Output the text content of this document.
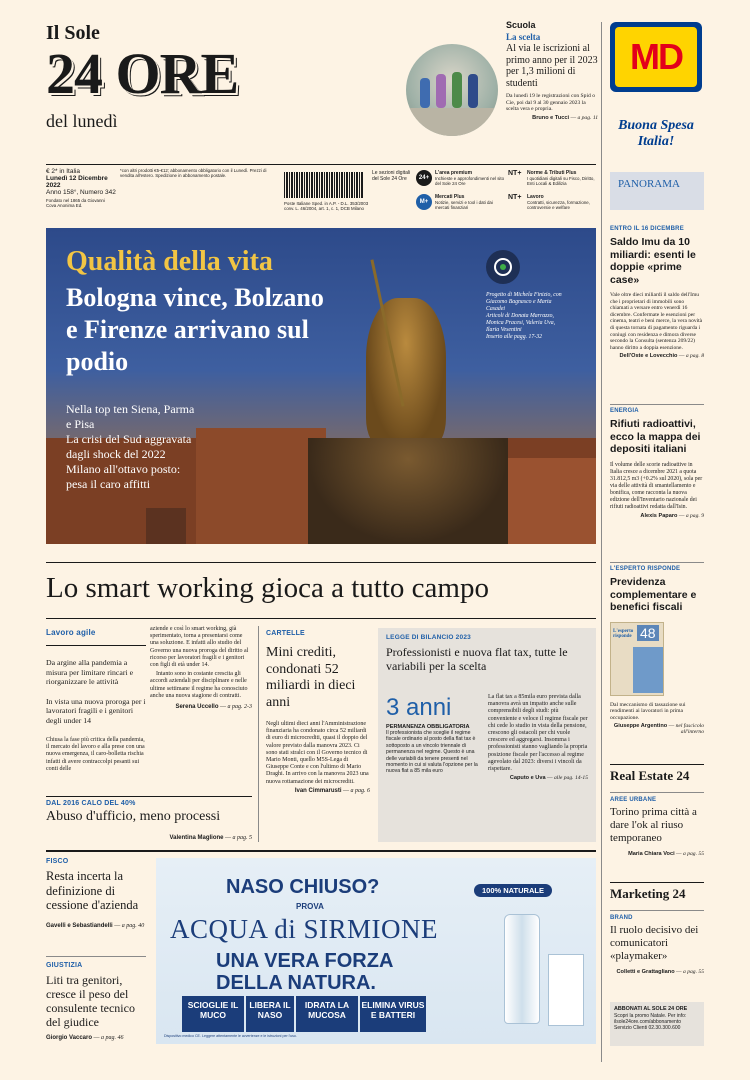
Il Sole
24 ORE
del lunedì
Scuola
La scelta
Al via le iscrizioni al primo anno per il 2023 per 1,3 milioni di studenti
Da lunedì 19 le registrazioni con Spid o Cie, poi dal 9 al 30 gennaio 2023 la scelta vera e propria.
Bruno e Tucci — a pag. 11
MD
Buona Spesa
Italia!
€ 2* in Italia
Lunedì 12 Dicembre 2022
Anno 158°, Numero 342
Fondato nel 1865 da Giovanni Cova Anonima Ed.
*con altri prodotti €5-€12; abbonamento obbligatorio con il Lunedì. Prezzi di vendita all'estero. Spedizione in abbonamento postale.	Le sezioni digitali del Sole 24 Ore
Poste Italiane Sped. in A.P. - D.L. 353/2003 conv. L. 46/2004, art. 1, c. 1, DCB Milano
24+
L'area premium
Inchieste e approfondimenti nel sito del Sole 24 Ore
M+
Mercati Plus
Notizie, servizi e tool i dati dai mercati finanziari
NT+	Norme & Tributi Plus
I quotidiani digitali su Fisco, Diritto, Enti Locali & Edilizia
NT+	Lavoro
Contratti, sicurezza, formazione, controversie e welfare
Qualità della vita
Bologna vince, Bolzano e Firenze arrivano sul podio
Nella top ten Siena, Parma e Pisa
La crisi del Sud aggravata dagli shock del 2022
Milano all'ottavo posto: pesa il caro affitti
Progetto di Michela Finizio, con Giacomo Bagnasco e Marta Casadei
Articoli di Donata Marrazzo, Monica Pracesi, Valeria Uva, Ilaria Vesentini
Inserto alle pagg. 17-32
Lo smart working gioca a tutto campo
Lavoro agile
Da argine alla pandemia a misura per limitare rincari e riorganizzare le attività
In vista una nuova proroga per i lavoratori fragili e i genitori degli under 14
Chiusa la fase più critica della pandemia, il mercato del lavoro e alla prese con una nuova emergenza, il caro-bolletta rischia infatti di avere contraccolpi pesanti sui conti delle
aziende e così lo smart working, già sperimentato, torna a presentarsi come una soluzione. E infatti allo studio del Governo una nuova proroga del diritto al ricorso per lavoratori fragili e i genitori con figli di età under 14.
Intanto sono in costante crescita gli accordi aziendali per disciplinare e nelle ultime settimane il regime ha conosciuto anche una nuova stagione di contratti.
Serena Uccello — a pag. 2-3
CARTELLE
Mini crediti, condonati 52 miliardi in dieci anni
Negli ultimi dieci anni l'Amministrazione finanziaria ha condonato circa 52 miliardi di euro di microcrediti, quasi il doppio del valore previsto dalla manovra 2023. Ci sono stati stralci con il Governo tecnico di Mario Monti, quello M5S-Lega di Giuseppe Conte e con l'ultimo di Mario Draghi. In arrivo con la manovra 2023 una nuova rottamazione dei microcrediti.
Ivan Cimmarusti — a pag. 6
LEGGE DI BILANCIO 2023
Professionisti e nuova flat tax, tutte le variabili per la scelta
3 anni
PERMANENZA OBBLIGATORIA
Il professionista che sceglie il regime fiscale ordinario al posto della flat tax è sottoposto a un vincolo triennale di permanenza nel regime. Questo è una delle variabili da tenere presenti nel momento in cui si valuta l'opzione per la nuova flat a 85 mila euro
La flat tax a 85mila euro prevista dalla manovra avrà un impatto anche sulle comprensibili degli studi: più conveniente e veloce il regime fiscale per chi cede lo studio in vista della pensione, crescono gli ostacoli per chi vuole crescere ed aggregarsi. Insomma i professionisti stanno vagliando la propria posizione fiscale per l'accesso al regime agevolato dal 2023: diversi i vincoli da rispettare.
Caputo e Uva — alle pag. 14-15
DAL 2016 CALO DEL 40%
Abuso d'ufficio, meno processi
Valentina Maglione — a pag. 5
FISCO
Resta incerta la definizione di cessione d'azienda
Gavelli e Sebastiandelli — a pag. 40
GIUSTIZIA
Liti tra genitori, cresce il peso del consulente tecnico del giudice
Giorgio Vaccaro — a pag. 46
NASO CHIUSO?
PROVA
ACQUA di SIRMIONE
UNA VERA FORZA
DELLA NATURA.
100% NATURALE
SCIOGLIE IL MUCO
LIBERA IL NASO
IDRATA LA MUCOSA
ELIMINA VIRUS E BATTERI
Dispositivo medico CE. Leggere attentamente le avvertenze e le istruzioni per l'uso.
PANORAMA
ENTRO IL 16 DICEMBRE
Saldo Imu da 10 miliardi: esenti le doppie «prime case»
Vale oltre dieci miliardi il saldo dell'Imu che i proprietari di immobili sono chiamati a versare entro venerdì 16 dicembre. Confermate le esenzioni per cinema, teatri e beni merce, la vera novità di questa tornata di pagamento riguarda i coniugi con residenza e dimora diverse secondo la Consulta (sentenza 209/22) hanno diritto a doppia esenzione.
Dell'Oste e Lovecchio — a pag. 8
ENERGIA
Rifiuti radioattivi, ecco la mappa dei depositi italiani
Il volume delle scorie radioattive in Italia cresce a dicembre 2021 a quota 31.812,5 m3 (+0.2% sul 2020), sola per via delle attività di smantellamento e bonifica, come racconta la nuova edizione dell'Inventario nazionale dei rifiuti radioattivi redatta dall'Isin.
Alexis Paparo — a pag. 9
L'ESPERTO RISPONDE
Previdenza complementare e benefici fiscali
L'esperto risponde 48
Dal meccanismo di tassazione sui rendimenti ai lavoratori in prima occupazione.
Giuseppe Argentino — nel fascicolo all'interno
Real Estate 24
AREE URBANE
Torino prima città a dare l'ok al riuso temporaneo
Maria Chiara Voci — a pag. 55
Marketing 24
BRAND
Il ruolo decisivo dei comunicatori «playmaker»
Colletti e Grattagliano — a pag. 55
ABBONATI AL SOLE 24 ORE
Scopri la promo Natale. Per info: ilsole24ore.com/abbonamento Servizio Clienti 02.30.300.600
